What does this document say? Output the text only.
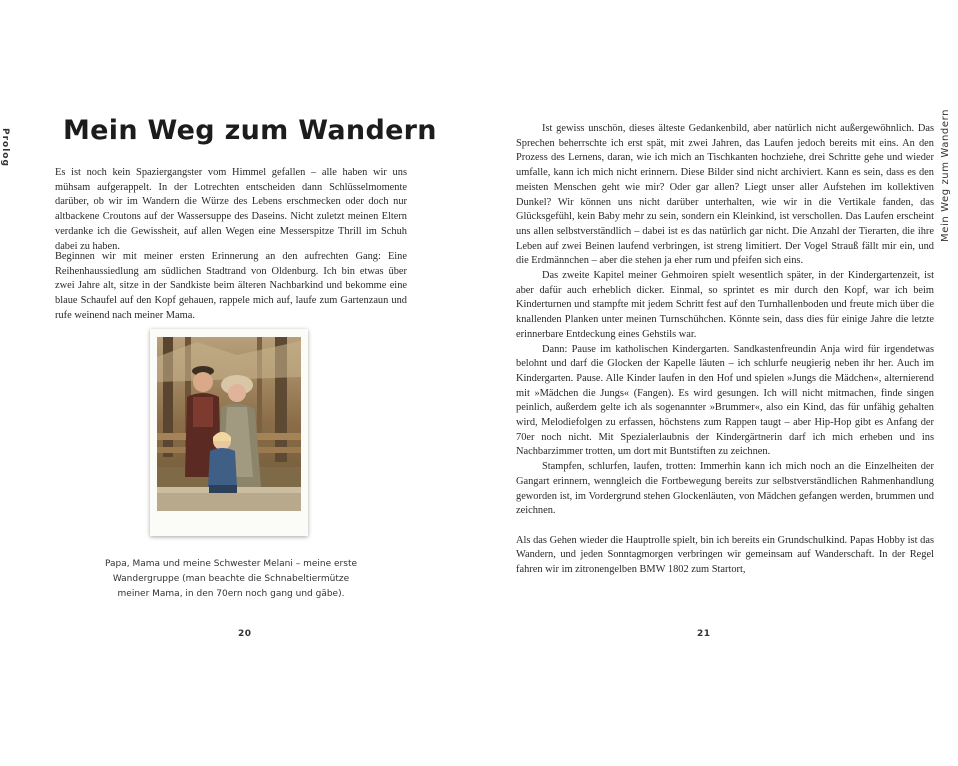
Prolog Mein Weg zum Wandern

Es ist noch kein Spaziergangster vom Himmel gefallen – alle haben wir uns mühsam aufgerappelt. In der Lotrechten entscheiden dann Schlüsselmomente darüber, ob wir im Wandern die Würze des Lebens erschmecken oder doch nur altbackene Croutons auf der Wassersuppe des Daseins. Nicht zuletzt meinen Eltern verdanke ich die Gewissheit, auf allen Wegen eine Messerspitze Thrill im Schuh dabei zu haben.

Beginnen wir mit meiner ersten Erinnerung an den aufrechten Gang: Eine Reihenhaussiedlung am südlichen Stadtrand von Oldenburg. Ich bin etwas über zwei Jahre alt, sitze in der Sandkiste beim älteren Nachbarkind und bekomme eine blaue Schaufel auf den Kopf gehauen, rappele mich auf, laufe zum Gartenzaun und rufe weinend nach meiner Mama.

Papa, Mama und meine Schwester Melani – meine erste Wandergruppe (man beachte die Schnabeltiermütze meiner Mama, in den 70ern noch gang und gäbe).

20
Mein Weg zum Wandern

Ist gewiss unschön, dieses älteste Gedankenbild, aber natürlich nicht außergewöhnlich. Das Sprechen beherrschte ich erst spät, mit zwei Jahren, das Laufen jedoch bereits mit eins. An den Prozess des Lernens, daran, wie ich mich an Tischkanten hochziehe, drei Schritte gehe und wieder umfalle, kann ich mich nicht erinnern. Diese Bilder sind nicht archiviert. Kann es sein, dass es den meisten Menschen geht wie mir? Oder gar allen? Liegt unser aller Aufstehen im kollektiven Dunkel? Wir können uns nicht darüber unterhalten, wie wir in die Vertikale fanden, das Glücksgefühl, kein Baby mehr zu sein, sondern ein Kleinkind, ist verschollen. Das Laufen erscheint uns allen selbstverständlich – dabei ist es das natürlich gar nicht. Die Anzahl der Tierarten, die ihre Leben auf zwei Beinen laufend verbringen, ist streng limitiert. Der Vogel Strauß fällt mir ein, und die Erdmännchen – aber die stehen ja eher rum und pfeifen sich eins.

Das zweite Kapitel meiner Gehmoiren spielt wesentlich später, in der Kindergartenzeit, ist aber dafür auch erheblich dicker. Einmal, so sprintet es mir durch den Kopf, war ich beim Kinderturnen und stampfte mit jedem Schritt fest auf den Turnhallenboden und freute mich über die knallenden Planken unter meinen Turnschühchen. Könnte sein, dass dies für einige Jahre die letzte erinnerbare Entdeckung eines Gehstils war.

Dann: Pause im katholischen Kindergarten. Sandkastenfreundin Anja wird für irgendetwas belohnt und darf die Glocken der Kapelle läuten – ich schlurfe neugierig neben ihr her. Auch im Kindergarten. Pause. Alle Kinder laufen in den Hof und spielen »Jungs die Mädchen«, alternierend mit »Mädchen die Jungs« (Fangen). Es wird gesungen. Ich will nicht mitmachen, finde singen peinlich, außerdem gelte ich als sogenannter »Brummer«, also ein Kind, das für unfähig gehalten wird, Melodiefolgen zu erfassen, höchstens zum Rappen taugt – aber Hip-Hop gibt es Anfang der 70er noch nicht. Mit Spezialerlaubnis der Kindergärtnerin darf ich mich erheben und ins Nachbarzimmer trotten, um dort mit Buntstiften zu zeichnen.

Stampfen, schlurfen, laufen, trotten: Immerhin kann ich mich noch an die Einzelheiten der Gangart erinnern, wenngleich die Fortbewegung bereits zur selbstverständlichen Rahmenhandlung geworden ist, im Vordergrund stehen Glockenläuten, von Mädchen gefangen werden, brummen und zeichnen.

Als das Gehen wieder die Hauptrolle spielt, bin ich bereits ein Grundschulkind. Papas Hobby ist das Wandern, und jeden Sonntagmorgen verbringen wir gemeinsam auf Wanderschaft. In der Regel fahren wir im zitronengelben BMW 1802 zum Startort,

21
